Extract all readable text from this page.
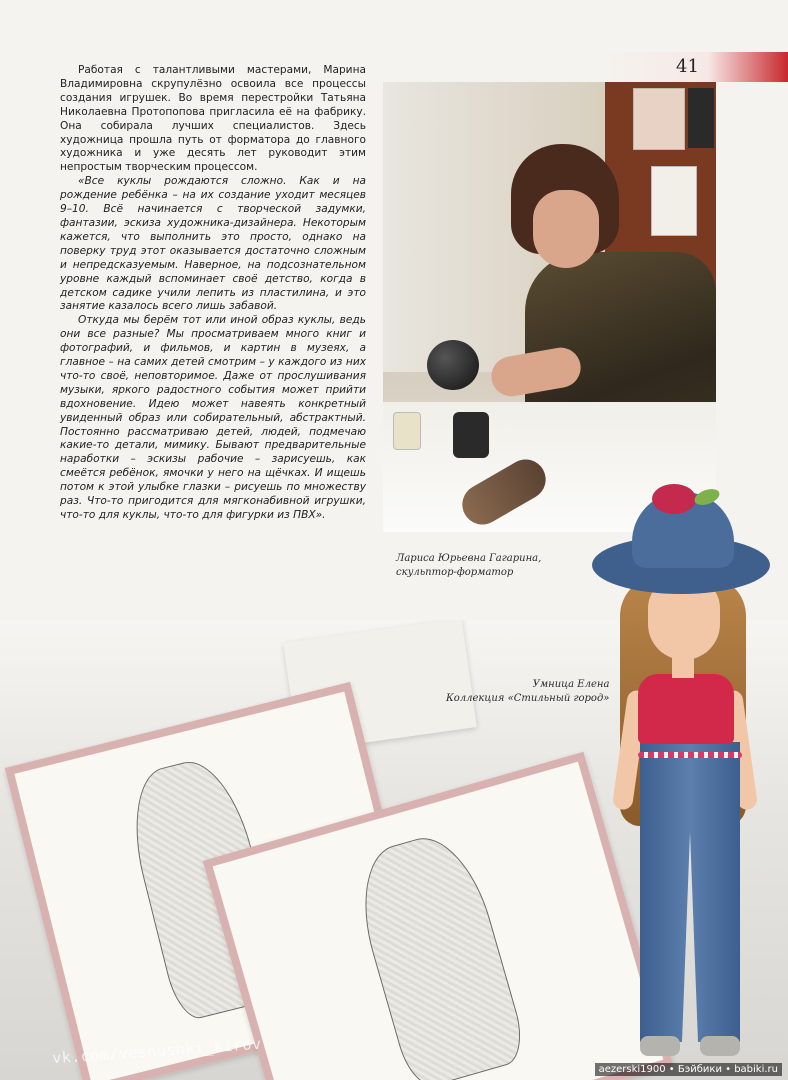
41

Работая с талантливыми мастерами, Марина Владимировна скрупулёзно освоила все процессы создания игрушек. Во время перестройки Татьяна Николаевна Протопопова пригласила её на фабрику. Она собирала лучших специалистов. Здесь художница прошла путь от форматора до главного художника и уже десять лет руководит этим непростым творческим процессом.

«Все куклы рождаются сложно. Как и на рождение ребёнка – на их создание уходит месяцев 9–10. Всё начинается с творческой задумки, фантазии, эскиза художника-дизайнера. Некоторым кажется, что выполнить это просто, однако на поверку труд этот оказывается достаточно сложным и непредсказуемым. Наверное, на подсознательном уровне каждый вспоминает своё детство, когда в детском садике учили лепить из пластилина, и это занятие казалось всего лишь забавой.

Откуда мы берём тот или иной образ куклы, ведь они все разные? Мы просматриваем много книг и фотографий, и фильмов, и картин в музеях, а главное – на самих детей смотрим – у каждого из них что-то своё, неповторимое. Даже от прослушивания музыки, яркого радостного события может прийти вдохновение. Идею может навеять конкретный увиденный образ или собирательный, абстрактный. Постоянно рассматриваю детей, людей, подмечаю какие-то детали, мимику. Бывают предварительные наработки – эскизы рабочие – зарисуешь, как смеётся ребёнок, ямочки у него на щёчках. И ищешь потом к этой улыбке глазки – рисуешь по множеству раз. Что-то пригодится для мягконабивной игрушки, что-то для куклы, что-то для фигурки из ПВХ».

Лариса Юрьевна Гагарина,
скульптор-форматор
Умница Елена
Коллекция «Стильный город»
vk.com/vesnushki_kirov
aezerski1900 • Бэйбики • babiki.ru
